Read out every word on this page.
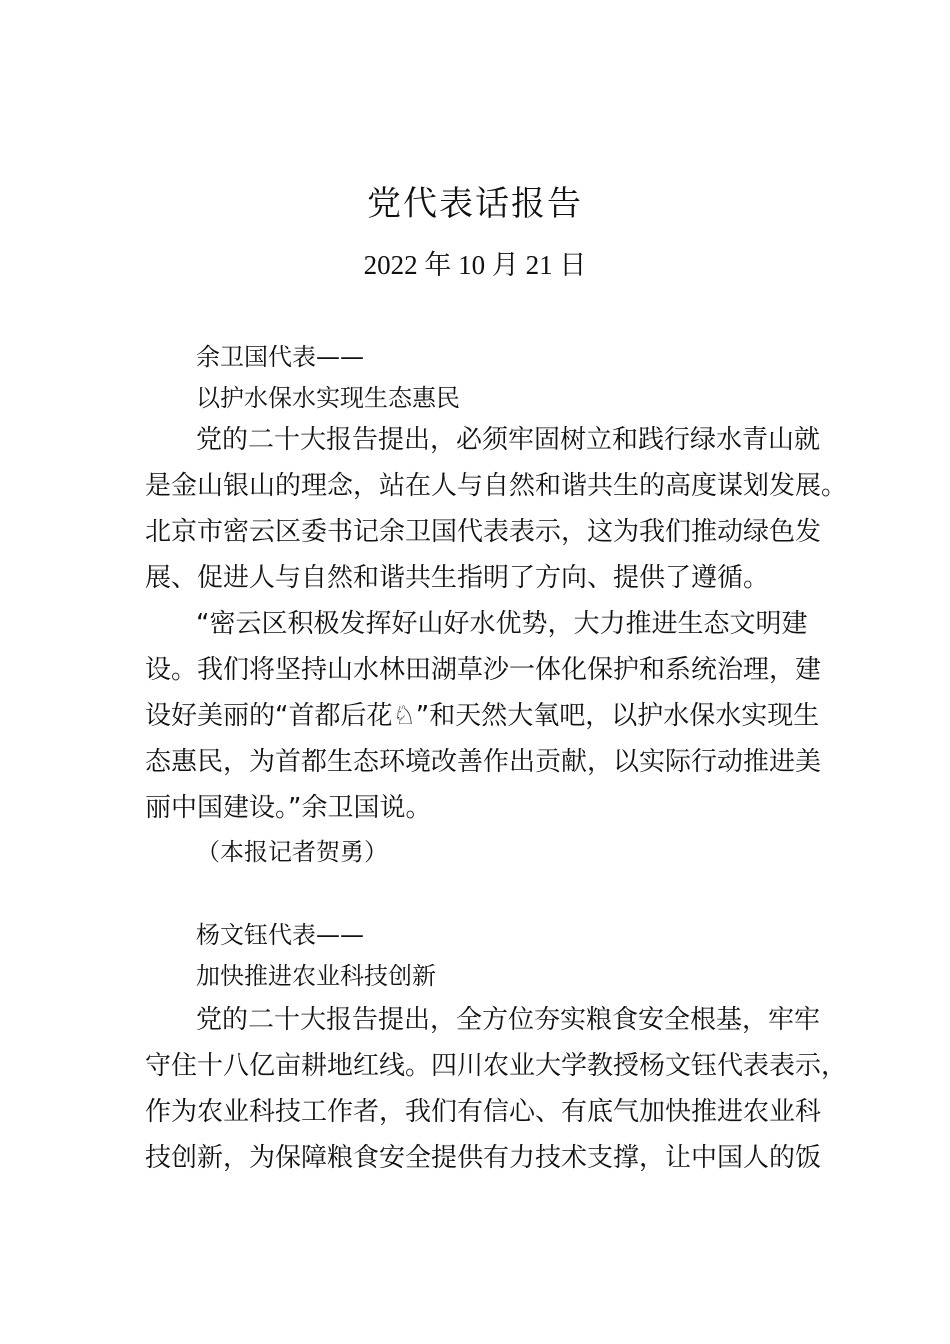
党代表话报告
2022 年 10 月 21 日
余卫国代表——
以护水保水实现生态惠民
党的二十大报告提出，必须牢固树立和践行绿水青山就
是金山银山的理念，站在人与自然和谐共生的高度谋划发展。
北京市密云区委书记余卫国代表表示，这为我们推动绿色发
展、促进人与自然和谐共生指明了方向、提供了遵循。
“密云区积极发挥好山好水优势，大力推进生态文明建
设。我们将坚持山水林田湖草沙一体化保护和系统治理，建
设好美丽的“首都后花♘”和天然大氧吧，以护水保水实现生
态惠民，为首都生态环境改善作出贡献，以实际行动推进美
丽中国建设。”余卫国说。
（本报记者贺勇）
杨文钰代表——
加快推进农业科技创新
党的二十大报告提出，全方位夯实粮食安全根基，牢牢
守住十八亿亩耕地红线。四川农业大学教授杨文钰代表表示，
作为农业科技工作者，我们有信心、有底气加快推进农业科
技创新，为保障粮食安全提供有力技术支撑，让中国人的饭
